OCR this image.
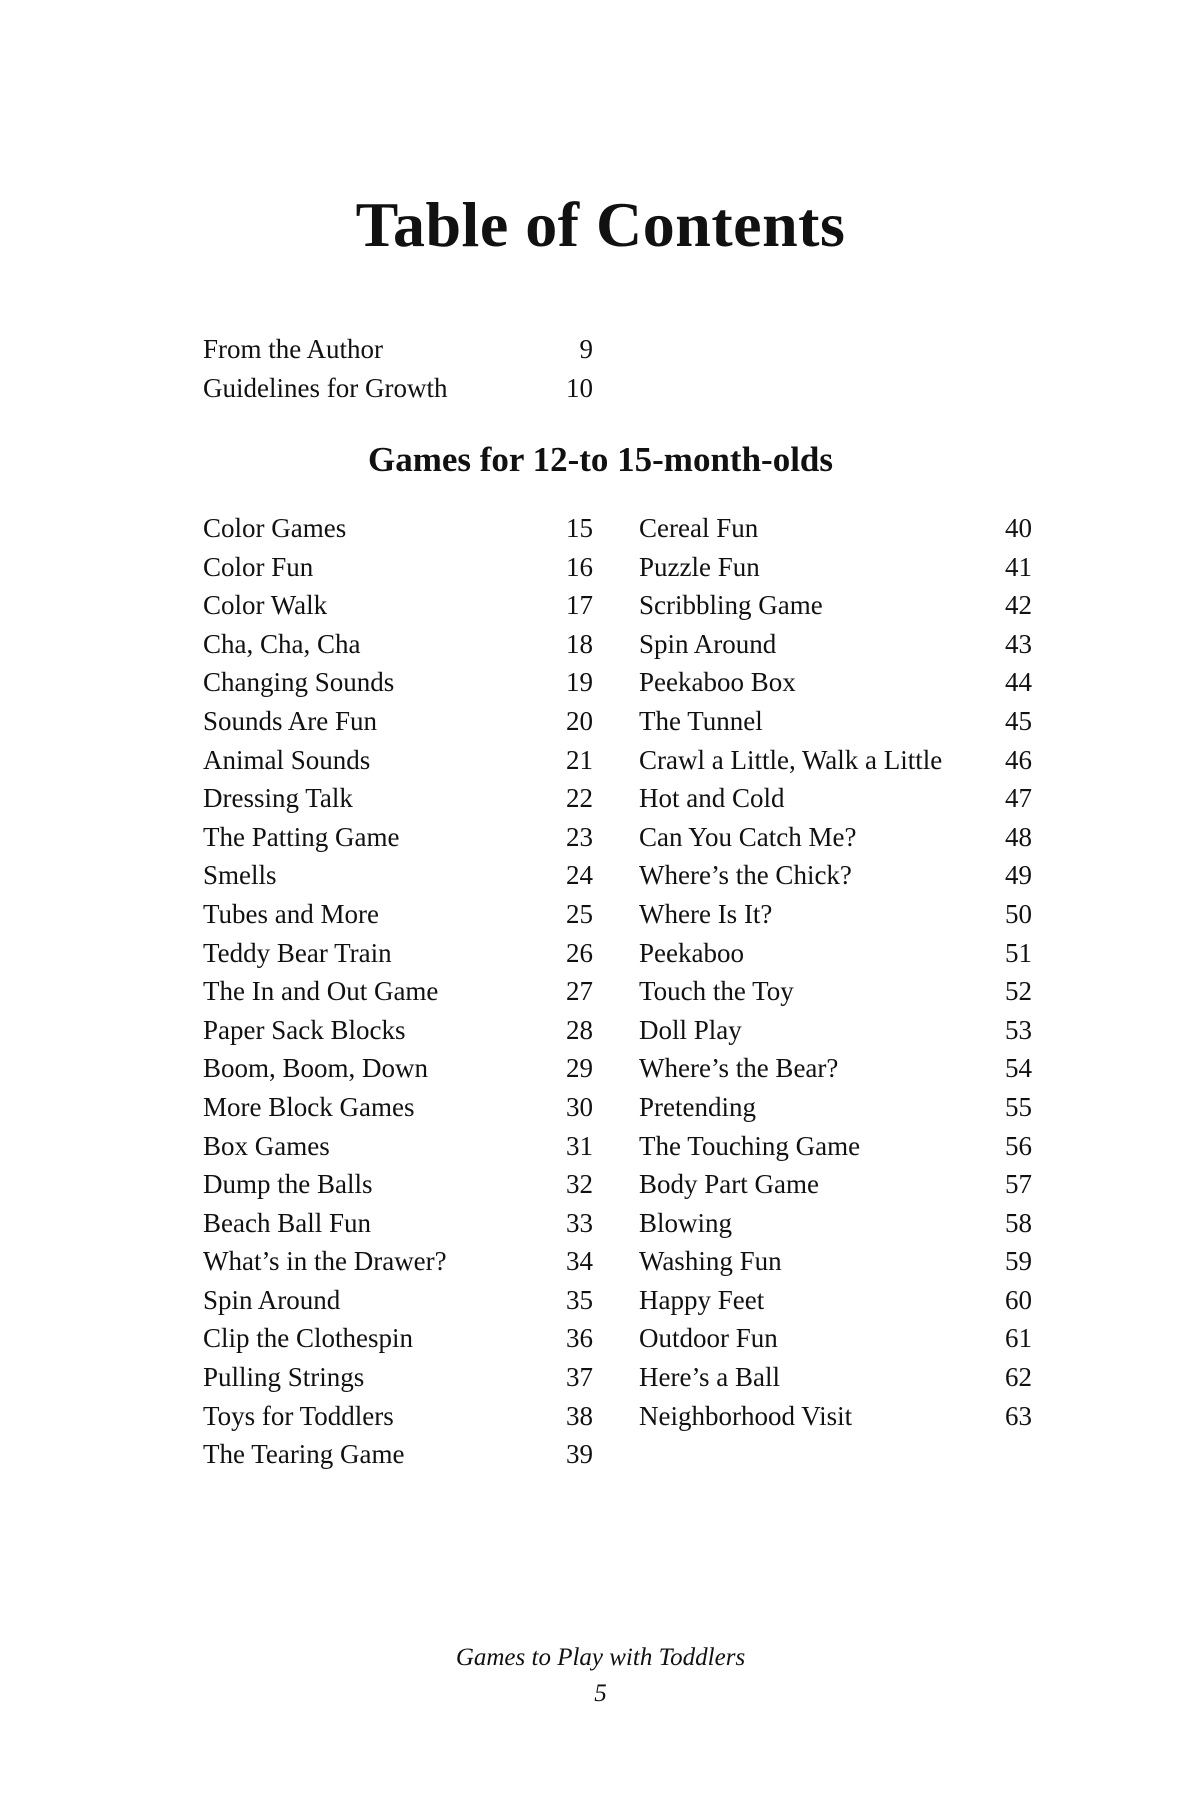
Table of Contents
From the Author	9
Guidelines for Growth	10
Games for 12-to 15-month-olds
Color Games	15
Color Fun	16
Color Walk	17
Cha, Cha, Cha	18
Changing Sounds	19
Sounds Are Fun	20
Animal Sounds	21
Dressing Talk	22
The Patting Game	23
Smells	24
Tubes and More	25
Teddy Bear Train	26
The In and Out Game	27
Paper Sack Blocks	28
Boom, Boom, Down	29
More Block Games	30
Box Games	31
Dump the Balls	32
Beach Ball Fun	33
What’s in the Drawer?	34
Spin Around	35
Clip the Clothespin	36
Pulling Strings	37
Toys for Toddlers	38
The Tearing Game	39
Cereal Fun	40
Puzzle Fun	41
Scribbling Game	42
Spin Around	43
Peekaboo Box	44
The Tunnel	45
Crawl a Little, Walk a Little	46
Hot and Cold	47
Can You Catch Me?	48
Where’s the Chick?	49
Where Is It?	50
Peekaboo	51
Touch the Toy	52
Doll Play	53
Where’s the Bear?	54
Pretending	55
The Touching Game	56
Body Part Game	57
Blowing	58
Washing Fun	59
Happy Feet	60
Outdoor Fun	61
Here’s a Ball	62
Neighborhood Visit	63
Games to Play with Toddlers
5
